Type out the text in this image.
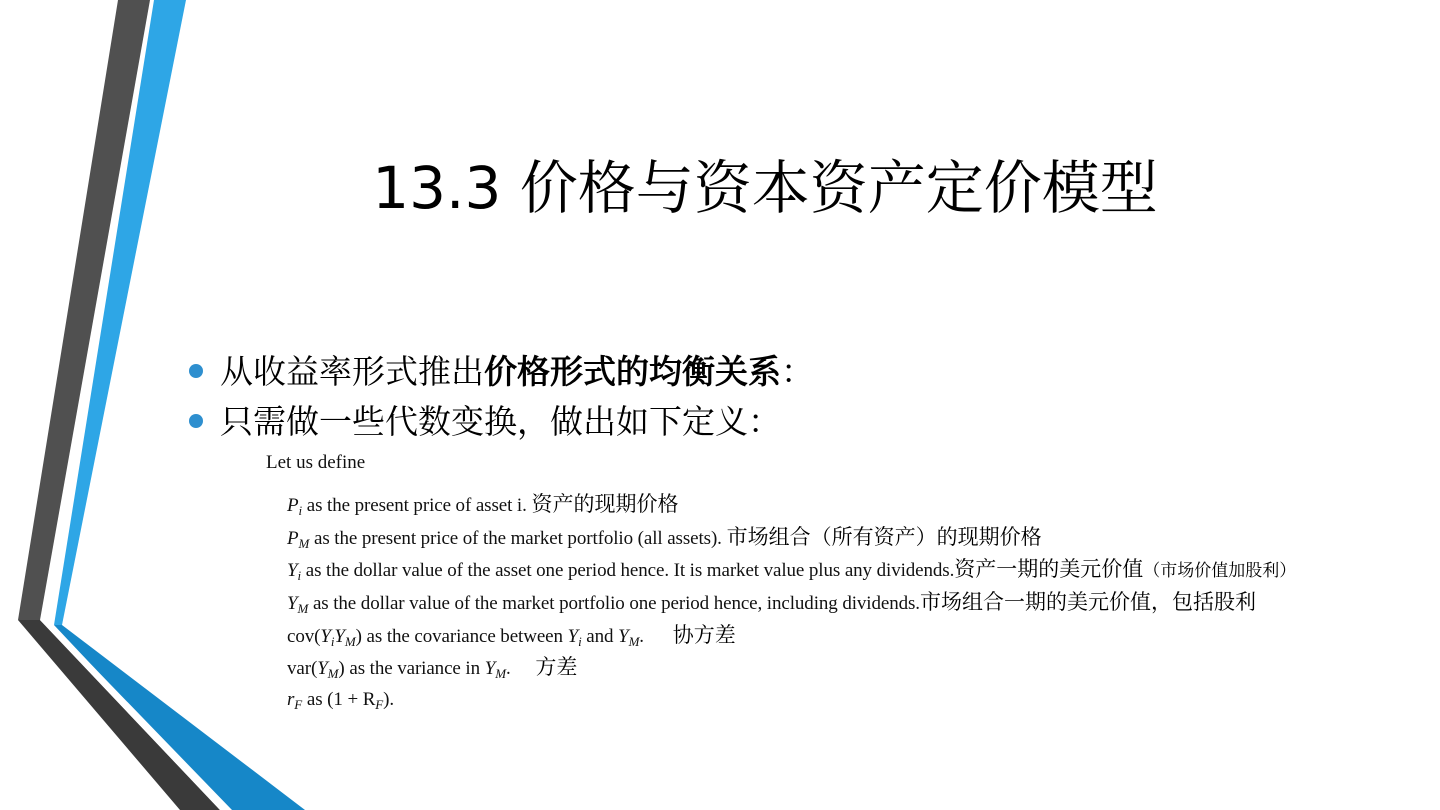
13.3 价格与资本资产定价模型
从收益率形式推出价格形式的均衡关系：
只需做一些代数变换，做出如下定义：
Let us define
$P_i$ as the present price of asset i. 资产的现期价格
$P_M$ as the present price of the market portfolio (all assets). 市场组合（所有资产）的现期价格
$Y_i$ as the dollar value of the asset one period hence. It is market value plus any dividends.资产一期的美元价值（市场价值加股利）
$Y_M$ as the dollar value of the market portfolio one period hence, including dividends.市场组合一期的美元价值，包括股利
$cov(Y_iY_M)$ as the covariance between $Y_i$ and $Y_M$. 协方差
$var(Y_M)$ as the variance in $Y_M$. 方差
$r_F$ as $(1 + R_F)$.
